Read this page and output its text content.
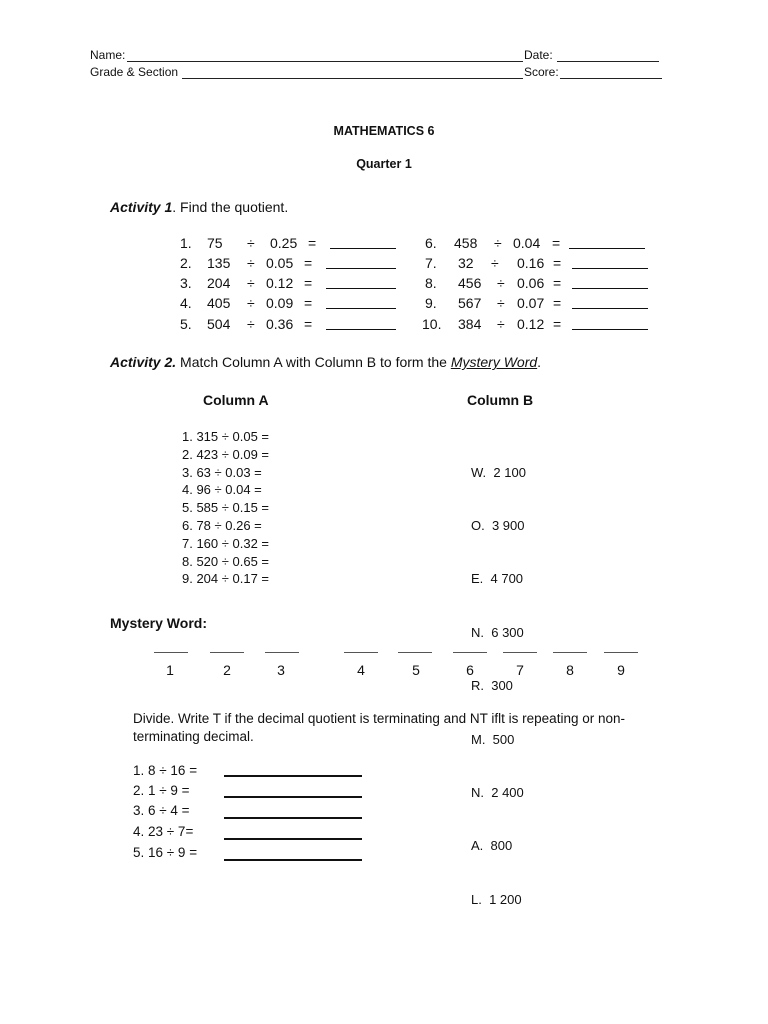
Name:	Date:
Grade & Section	Score:
MATHEMATICS 6
Quarter 1
Activity 1. Find the quotient.
1. 75 ÷ 0.25 =
2. 135 ÷ 0.05 =
3. 204 ÷ 0.12 =
4. 405 ÷ 0.09 =
5. 504 ÷ 0.36 =
6. 458 ÷ 0.04 =
7. 32 ÷ 0.16 =
8. 456 ÷ 0.06 =
9. 567 ÷ 0.07 =
10. 384 ÷ 0.12 =
Activity 2. Match Column A with Column B to form the Mystery Word.
Column A	Column B
1. 315 ÷ 0.05 =
2. 423 ÷ 0.09 =
3. 63 ÷ 0.03 =
4. 96 ÷ 0.04 =
5. 585 ÷ 0.15 =
6. 78 ÷ 0.26 =
7. 160 ÷ 0.32 =
8. 520 ÷ 0.65 =
9. 204 ÷ 0.17 =

W.  2 100

O.  3 900

E.  4 700

N.  6 300

R.  300

M.  500

N.  2 400

A.  800

L.  1 200

Mystery Word:
1	2	3	4	5	6	7	8	9
Divide. Write T if the decimal quotient is terminating and NT iflt is repeating or non-terminating decimal.
1. 8 ÷ 16 =
2. 1 ÷ 9 =
3. 6 ÷ 4 =
4. 23 ÷ 7=
5. 16 ÷ 9 =
